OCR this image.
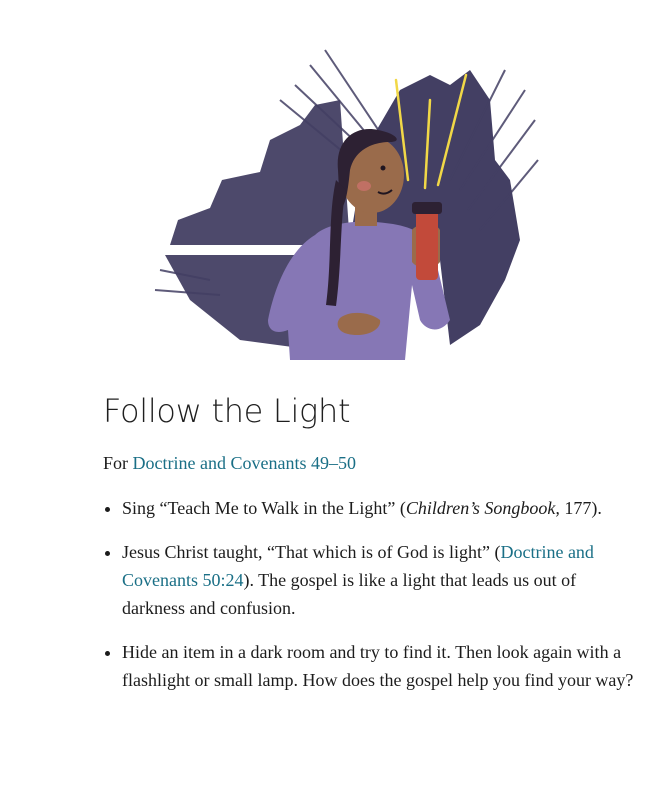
Follow the Light
For Doctrine and Covenants 49–50
• Sing “Teach Me to Walk in the Light” (Children’s Songbook, 177).
• Jesus Christ taught, “That which is of God is light” (Doctrine and Covenants 50:24). The gospel is like a light that leads us out of darkness and confusion.
• Hide an item in a dark room and try to find it. Then look again with a flashlight or small lamp. How does the gospel help you find your way?
